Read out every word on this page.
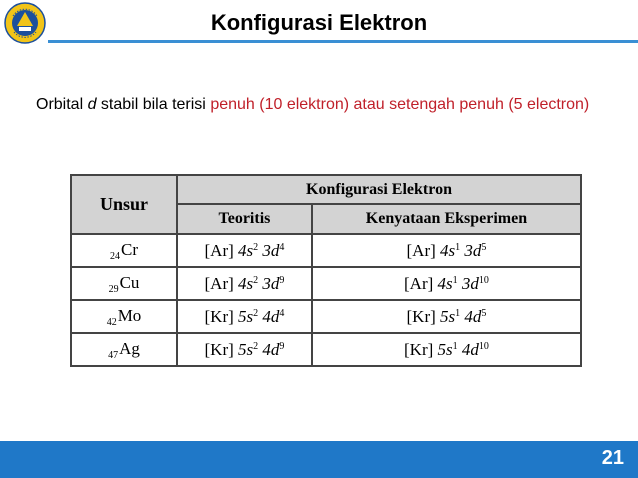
Konfigurasi Elektron
Orbital d stabil bila terisi penuh (10 elektron) atau setengah penuh (5 electron)
Unsur	Konfigurasi Elektron	
	Teoritis	Kenyataan Eksperimen
$_{24}$Cr	[Ar] $4s^2$ $3d^4$	[Ar] $4s^1$ $3d^5$
$_{29}$Cu	[Ar] $4s^2$ $3d^9$	[Ar] $4s^1$ $3d^{10}$
$_{42}$Mo	[Kr] $5s^2$ $4d^4$	[Kr] $5s^1$ $4d^5$
$_{47}$Ag	[Kr] $5s^2$ $4d^9$	[Kr] $5s^1$ $4d^{10}$
21
